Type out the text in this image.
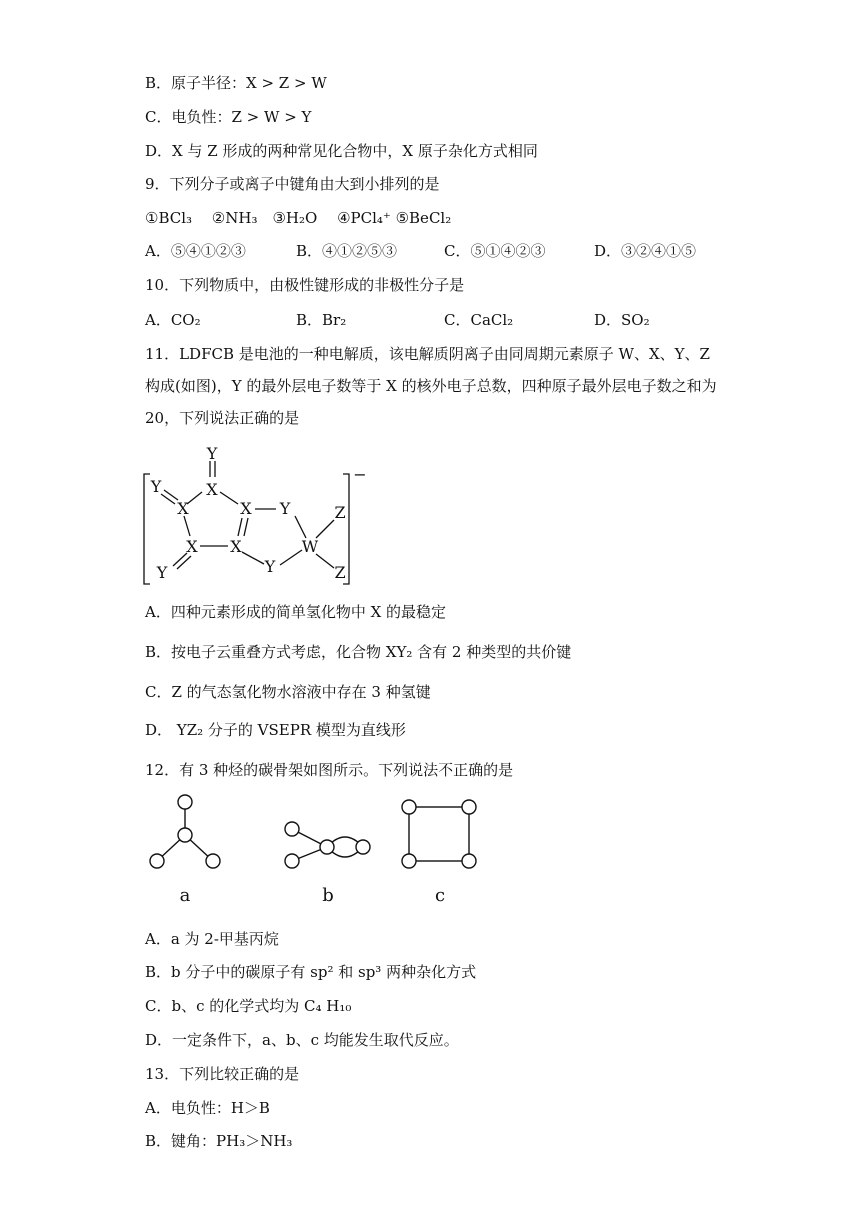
B．原子半径：X > Z > W
C．电负性：Z > W > Y
D．X 与 Z 形成的两种常见化合物中，X 原子杂化方式相同
9．下列分子或离子中键角由大到小排列的是
①BCl₃　 ②NH₃　③H₂O　 ④PCl₄⁺ ⑤BeCl₂
A．⑤④①②③	B．④①②⑤③	C．⑤①④②③	D．③②④①⑤
10．下列物质中，由极性键形成的非极性分子是
A．CO₂	B．Br₂	C．CaCl₂	D．SO₂
11．LDFCB 是电池的一种电解质，该电解质阴离子由同周期元素原子 W、X、Y、Z 构成(如图)，Y 的最外层电子数等于 X 的核外电子总数，四种原子最外层电子数之和为 20，下列说法正确的是
Y
X
Y
X	X Y	Z
X X	W
Y	Y	Z
−
A．四种元素形成的简单氢化物中 X 的最稳定
B．按电子云重叠方式考虑，化合物 XY₂ 含有 2 种类型的共价键
C．Z 的气态氢化物水溶液中存在 3 种氢键
D． YZ₂ 分子的 VSEPR 模型为直线形
12．有 3 种烃的碳骨架如图所示。下列说法不正确的是
a	b	c
A．a 为 2-甲基丙烷
B．b 分子中的碳原子有 sp² 和 sp³ 两种杂化方式
C．b、c 的化学式均为 C₄ H₁₀
D．一定条件下，a、b、c 均能发生取代反应。
13．下列比较正确的是
A．电负性：H＞B
B．键角：PH₃＞NH₃
